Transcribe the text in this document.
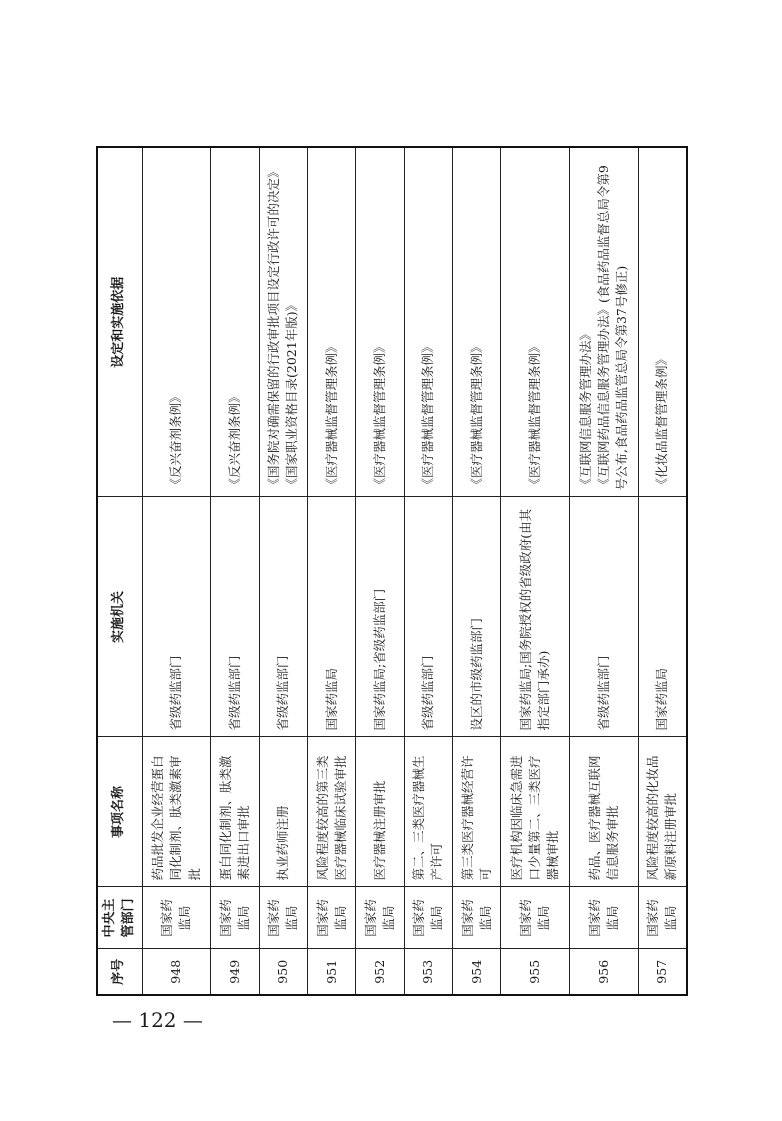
序号	中央主管部门	事项名称	实施机关	设定和实施依据
948	国家药监局	药品批发企业经营蛋白同化制剂、肽类激素审批	省级药监部门	《反兴奋剂条例》
949	国家药监局	蛋白同化制剂、肽类激素进出口审批	省级药监部门	《反兴奋剂条例》
950	国家药监局	执业药师注册	省级药监部门	《国务院对确需保留的行政审批项目设定行政许可的决定》 《国家职业资格目录(2021年版)》
951	国家药监局	风险程度较高的第三类医疗器械临床试验审批	国家药监局	《医疗器械监督管理条例》
952	国家药监局	医疗器械注册审批	国家药监局;省级药监部门	《医疗器械监督管理条例》
953	国家药监局	第二、三类医疗器械生产许可	省级药监部门	《医疗器械监督管理条例》
954	国家药监局	第三类医疗器械经营许可	设区的市级药监部门	《医疗器械监督管理条例》
955	国家药监局	医疗机构因临床急需进口少量第二、三类医疗器械审批	国家药监局;国务院授权的省级政府(由其指定部门承办)	《医疗器械监督管理条例》
956	国家药监局	药品、医疗器械互联网信息服务审批	省级药监部门	《互联网信息服务管理办法》 《互联网药品信息服务管理办法》(食品药品监督总局令第9号公布,食品药品监管总局令第37号修正)
957	国家药监局	风险程度较高的化妆品新原料注册审批	国家药监局	《化妆品监督管理条例》
— 122 —
